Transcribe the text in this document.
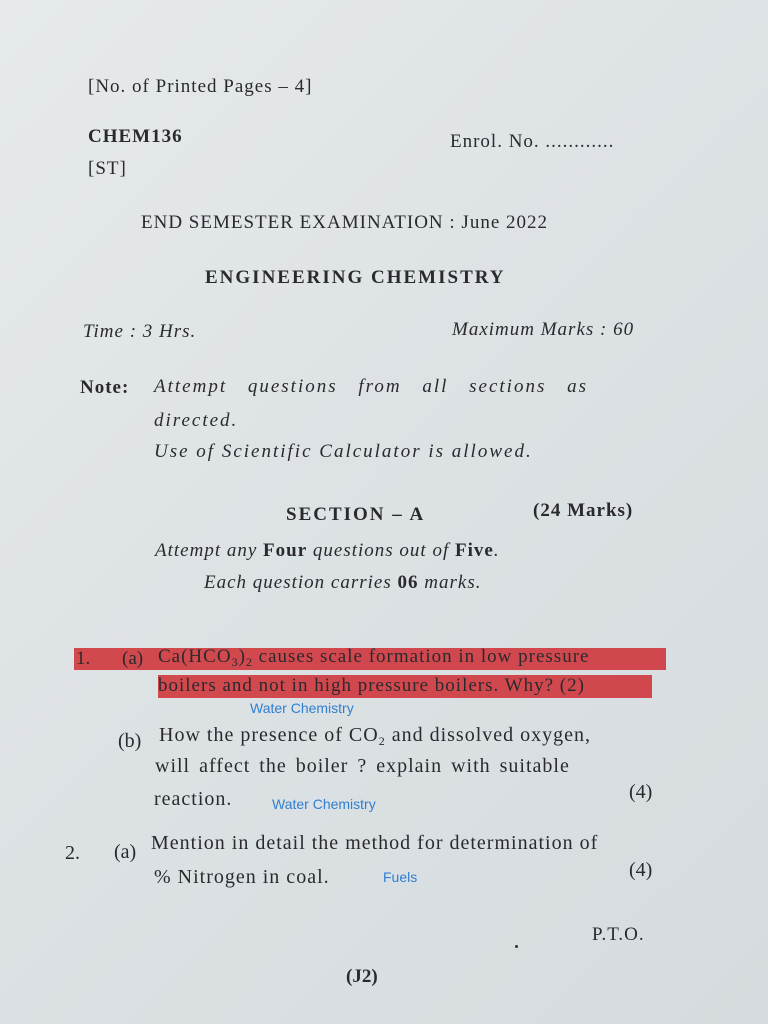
[No. of Printed Pages – 4]
CHEM136	Enrol. No. ............
[ST]
END SEMESTER EXAMINATION : June 2022
ENGINEERING CHEMISTRY
Time : 3 Hrs.	Maximum Marks : 60
Note: Attempt questions from all sections as
directed.
Use of Scientific Calculator is allowed.
SECTION – A	(24 Marks)
Attempt any Four questions out of Five.
Each question carries 06 marks.
1. (a) $Ca(HCO_3)_2$ causes scale formation in low pressure
boilers and not in high pressure boilers. Why? (2)
Water Chemistry
(b) How the presence of $CO_2$ and dissolved oxygen,
will affect the boiler ? explain with suitable
reaction.	Water Chemistry
(4)
2. (a) Mention in detail the method for determination of
% Nitrogen in coal.	Fuels	(4)
P.T.O.
(J2)
